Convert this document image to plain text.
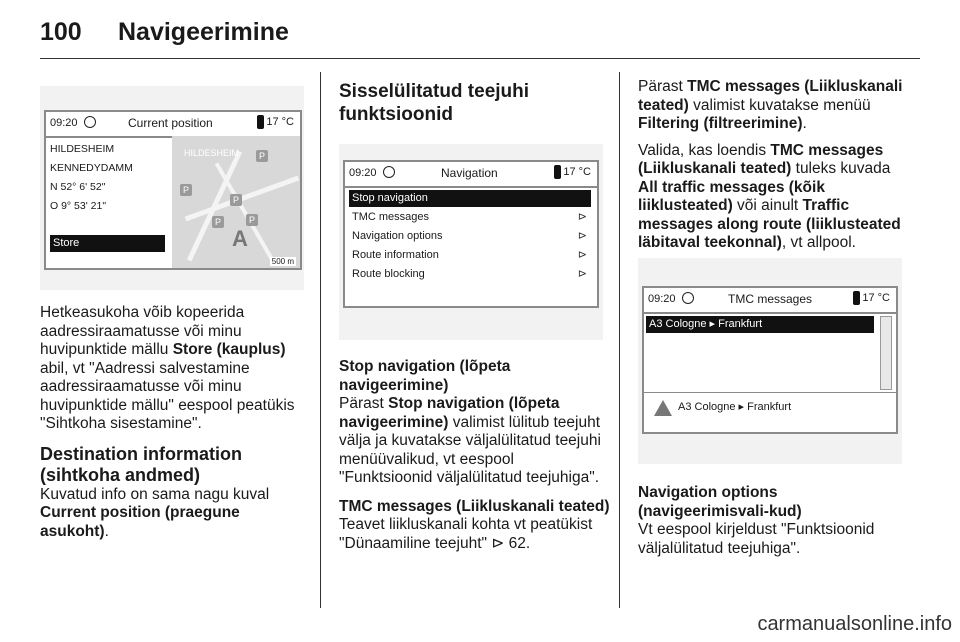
100 Navigeerimine
09:20	Current position	17 °C
HILDESHEIM
KENNEDYDAMM
N 52° 6' 52"
O 9° 53' 21"
Store
HILDESHEIM
P
P
P
P
P
A
500 m

Hetkeasukoha võib kopeerida aadressiraamatusse või minu huvipunktide mällu Store (kauplus) abil, vt "Aadressi salvestamine aadressiraamatusse või minu huvipunktide mällu" eespool peatükis "Sihtkoha sisestamine".

Destination information (sihtkoha andmed)

Kuvatud info on sama nagu kuval Current position (praegune asukoht).

Sisselülitatud teejuhi funktsioonid
09:20	Navigation	17 °C
Stop navigation
TMC messages	⊳
Navigation options	⊳
Route information	⊳
Route blocking	⊳
Stop navigation (lõpeta navigeerimine)

Pärast Stop navigation (lõpeta navigeerimine) valimist lülitub teejuht välja ja kuvatakse väljalülitatud teejuhi menüüvalikud, vt eespool "Funktsioonid väljalülitatud teejuhiga".

TMC messages (Liikluskanali teated)

Teavet liikluskanali kohta vt peatükist "Dünaamiline teejuht" ⊳ 62.

Pärast TMC messages (Liikluskanali teated) valimist kuvatakse menüü Filtering (filtreerimine).

Valida, kas loendis TMC messages (Liikluskanali teated) tuleks kuvada All traffic messages (kõik liiklusteated) või ainult Traffic messages along route (liiklusteated läbitaval teekonnal), vt allpool.

09:20	TMC messages	17 °C
A3 Cologne ▸ Frankfurt
A3 Cologne ▸ Frankfurt
Navigation options (navigeerimisvali-kud)

Vt eespool kirjeldust "Funktsioonid väljalülitatud teejuhiga".

carmanualsonline.info
